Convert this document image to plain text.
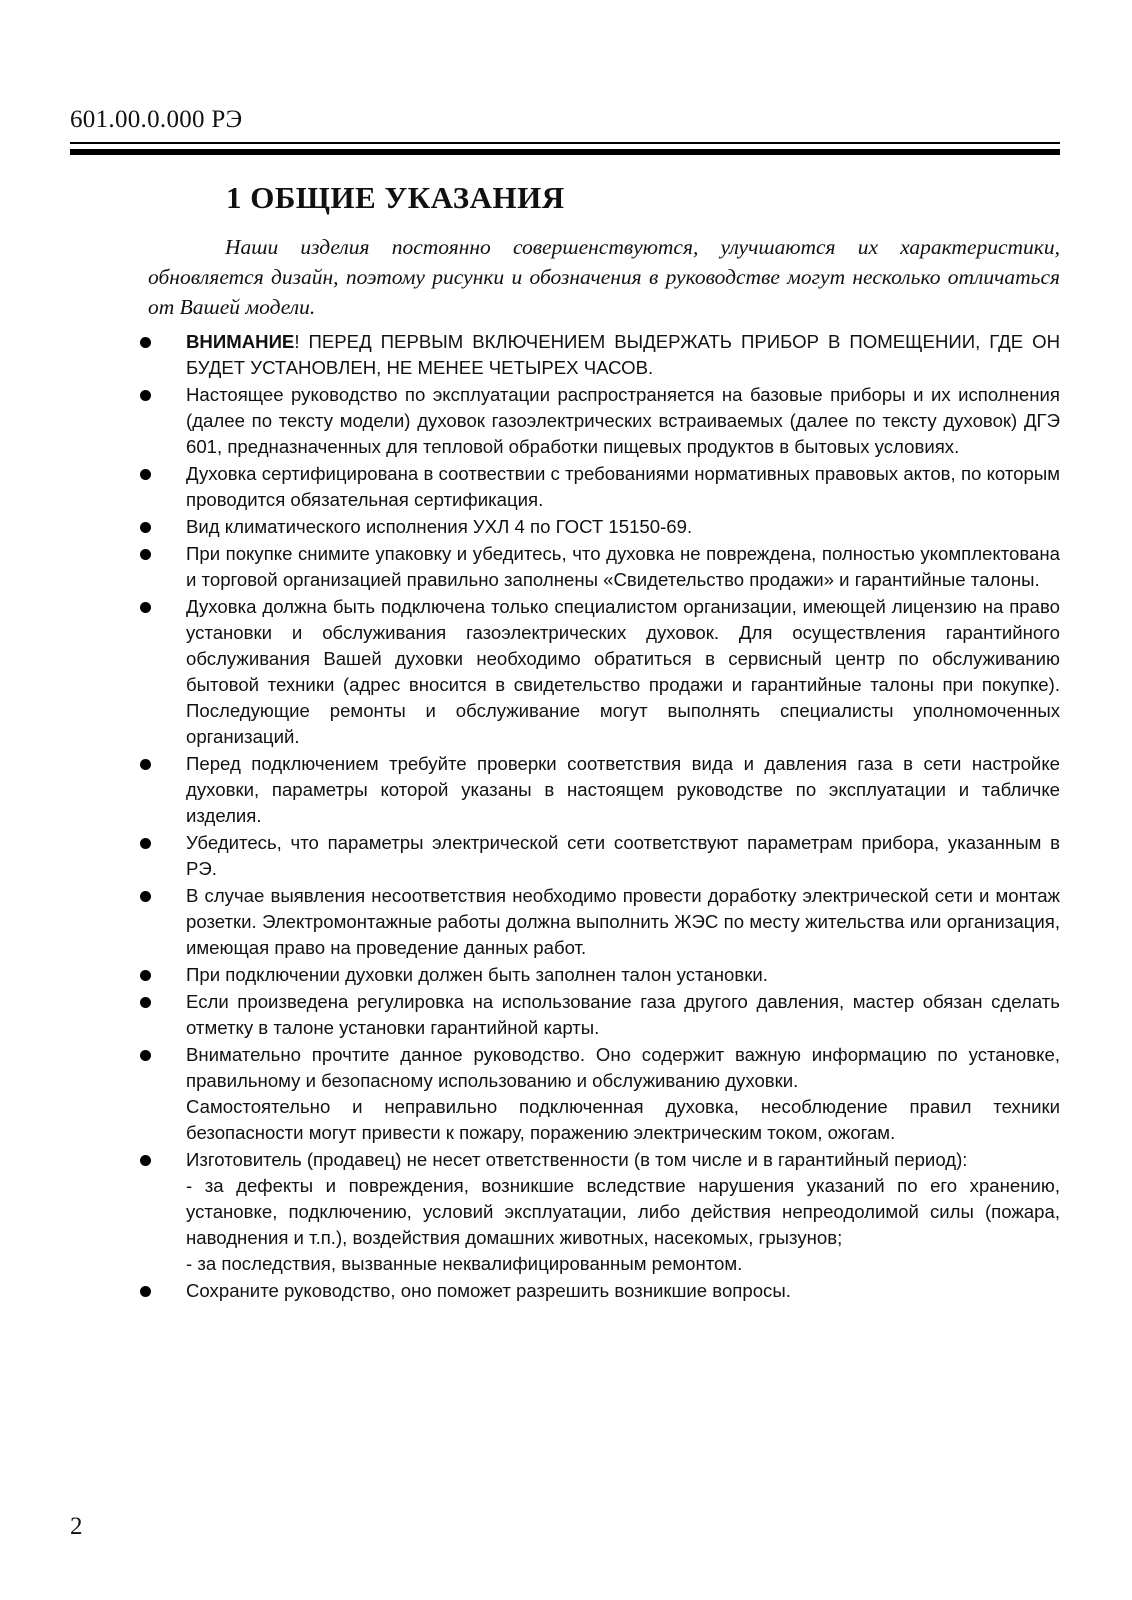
601.00.0.000 РЭ
1 ОБЩИЕ УКАЗАНИЯ
Наши изделия постоянно совершенствуются, улучшаются их характеристики, обновляется дизайн, поэтому рисунки и обозначения в руководстве могут несколько отличаться от Вашей модели.
ВНИМАНИЕ! ПЕРЕД ПЕРВЫМ ВКЛЮЧЕНИЕМ ВЫДЕРЖАТЬ ПРИБОР В ПОМЕЩЕНИИ, ГДЕ ОН БУДЕТ УСТАНОВЛЕН, НЕ МЕНЕЕ ЧЕТЫРЕХ ЧАСОВ.
Настоящее руководство по эксплуатации распространяется на базовые приборы и их исполнения (далее по тексту модели) духовок газоэлектрических встраиваемых (далее по тексту духовок) ДГЭ 601, предназначенных для тепловой обработки пищевых продуктов в бытовых условиях.
Духовка сертифицирована в соотвествии с требованиями нормативных правовых актов, по которым проводится обязательная сертификация.
Вид климатического исполнения УХЛ 4 по ГОСТ 15150-69.
При покупке снимите упаковку и убедитесь, что духовка не повреждена, полностью укомплектована и торговой организацией правильно заполнены «Свидетельство продажи» и гарантийные талоны.
Духовка должна быть подключена только специалистом организации, имеющей лицензию на право установки и обслуживания газоэлектрических духовок. Для осуществления гарантийного обслуживания Вашей духовки необходимо обратиться в сервисный центр по обслуживанию бытовой техники (адрес вносится в свидетельство продажи и гарантийные талоны при покупке). Последующие ремонты и обслуживание могут выполнять специалисты уполномоченных организаций.
Перед подключением требуйте проверки соответствия вида и давления газа в сети настройке духовки, параметры которой указаны в настоящем руководстве по эксплуатации и табличке изделия.
Убедитесь, что параметры электрической сети соответствуют параметрам прибора, указанным в РЭ.
В случае выявления несоответствия необходимо провести доработку электрической сети и монтаж розетки. Электромонтажные работы должна выполнить ЖЭС по месту жительства или организация, имеющая право на проведение данных работ.
При подключении духовки должен быть заполнен талон установки.
Если произведена регулировка на использование газа другого давления, мастер обязан сделать отметку в талоне установки гарантийной карты.

Внимательно прочтите данное руководство. Оно содержит важную информацию по установке, правильному и безопасному использованию и обслуживанию духовки.

Самостоятельно и неправильно подключенная духовка, несоблюдение правил техники безопасности могут привести к пожару, поражению электрическим током, ожогам.

Изготовитель (продавец) не несет ответственности (в том числе и в гарантийный период):

- за дефекты и повреждения, возникшие вследствие нарушения указаний по его хранению, установке, подключению, условий эксплуатации, либо действия непреодолимой силы (пожара, наводнения и т.п.), воздействия домашних животных, насекомых, грызунов;

- за последствия, вызванные неквалифицированным ремонтом.

Сохраните руководство, оно поможет разрешить возникшие вопросы.
2
